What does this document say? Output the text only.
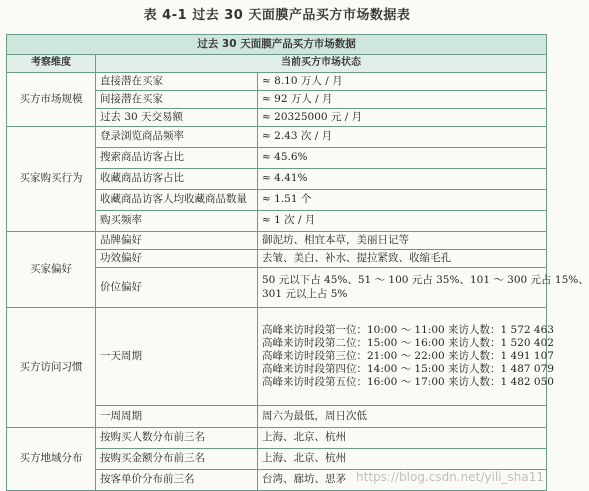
表 4-1 过去 30 天面膜产品买方市场数据表
过去 30 天面膜产品买方市场数据		
考察维度	当前买方市场状态	
买方市场规模	直接潜在买家	≈ 8.10 万人 / 月
	间接潜在买家	≈ 92 万人 / 月
	过去 30 天交易额	≈ 20325000 元 / 月
买家购买行为	登录浏览商品频率	≈ 2.43 次 / 月
	搜索商品访客占比	≈ 45.6%
	收藏商品访客占比	≈ 4.41%
	收藏商品访客人均收藏商品数量	≈ 1.51 个
	购买频率	≈ 1 次 / 月
买家偏好	品牌偏好	御泥坊、相宜本草，美丽日记等
	功效偏好	去皱、美白、补水、提拉紧致、收缩毛孔
	价位偏好	50 元以下占 45%、51 ～ 100 元占 35%、101 ～ 300 元占 15%、
301 元以上占 5%

买方访问习惯	一天周期	高峰来访时段第一位：10:00 ～ 11:00 来访人数：1 572 463
高峰来访时段第二位：15:00 ～ 16:00 来访人数：1 520 402
高峰来访时段第三位：21:00 ～ 22:00 来访人数：1 491 107
高峰来访时段第四位：14:00 ～ 15:00 来访人数：1 487 079
高峰来访时段第五位：16:00 ～ 17:00 来访人数：1 482 050

	一周周期	周六为最低，周日次低
买方地域分布	按购买人数分布前三名	上海、北京、杭州
	按购买金额分布前三名	上海、北京、杭州
	按客单价分布前三名	台湾、廊坊、思茅 https://blog.csdn.net/yili_sha11
